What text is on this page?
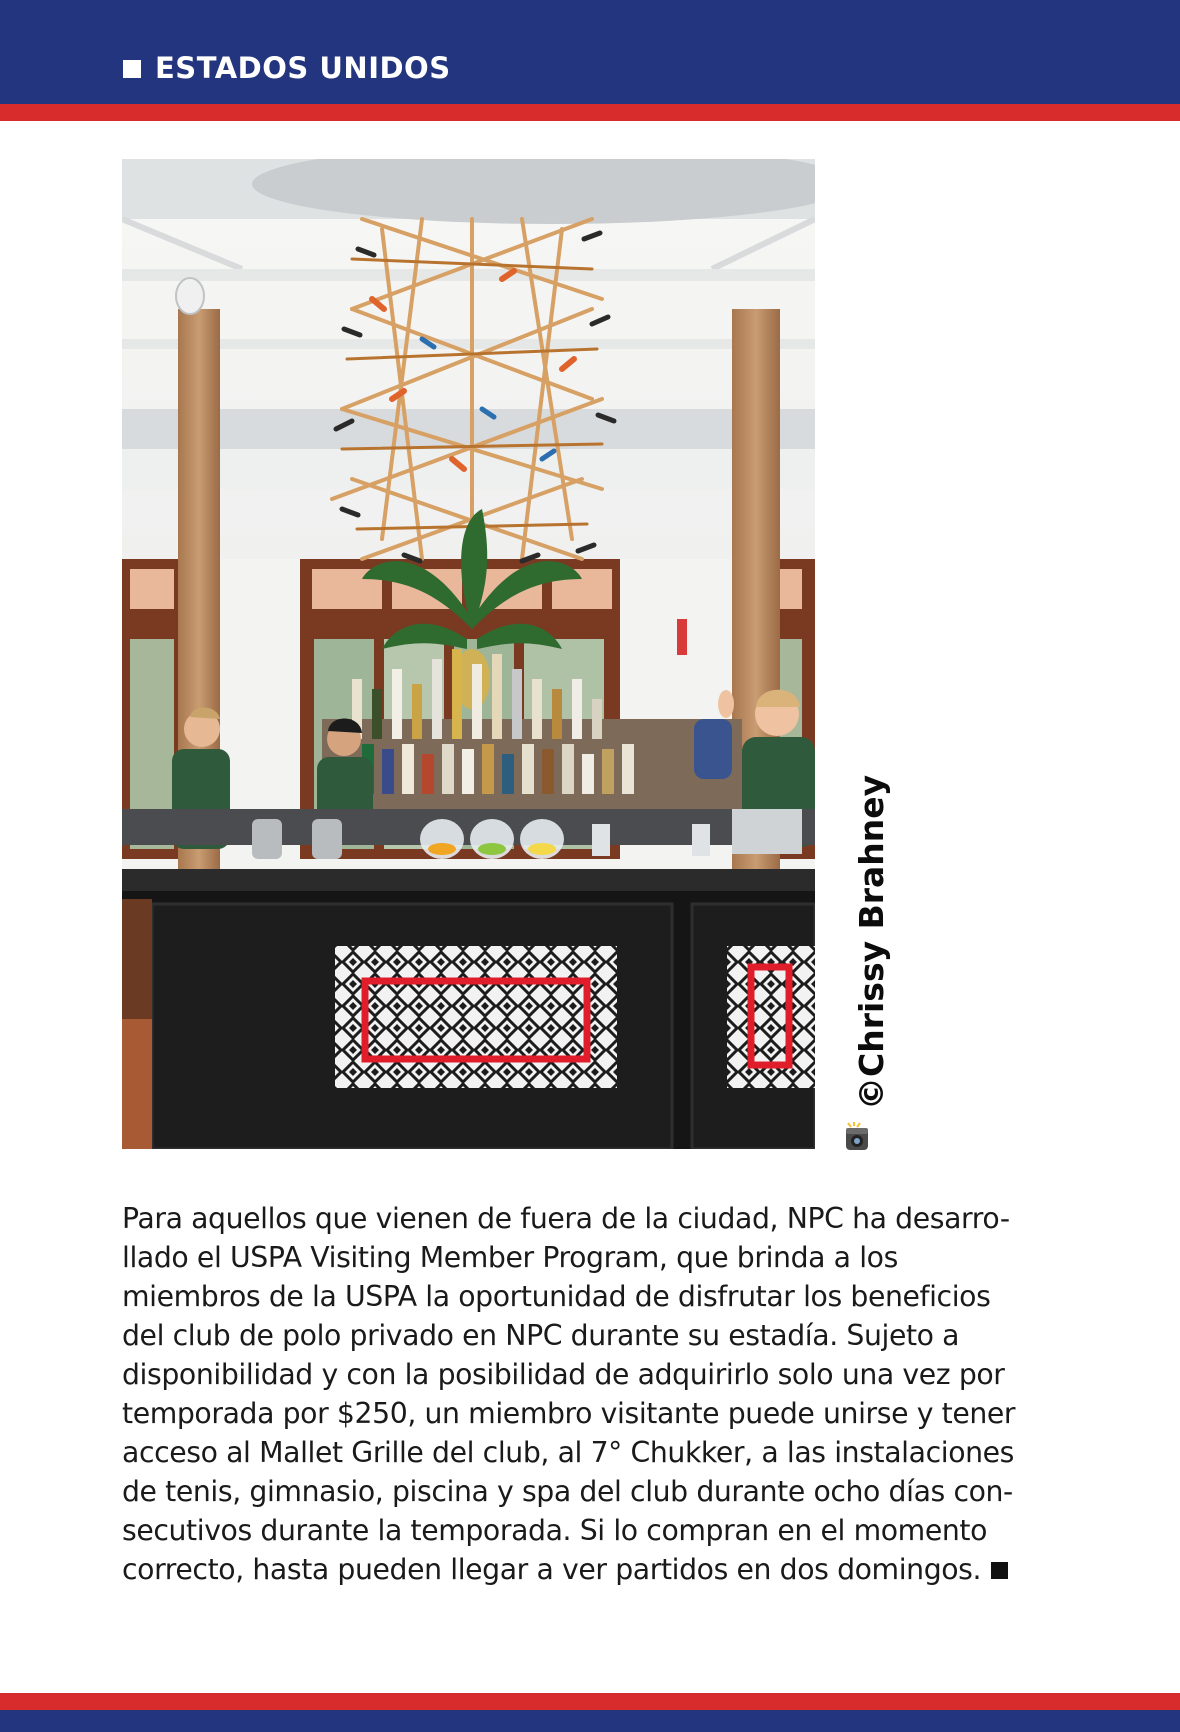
ESTADOS UNIDOS
©Chrissy Brahney
Para aquellos que vienen de fuera de la ciudad, NPC ha desarro-
llado el USPA Visiting Member Program, que brinda a los
miembros de la USPA la oportunidad de disfrutar los beneficios
del club de polo privado en NPC durante su estadía. Sujeto a
disponibilidad y con la posibilidad de adquirirlo solo una vez por
temporada por $250, un miembro visitante puede unirse y tener
acceso al Mallet Grille del club, al 7° Chukker, a las instalaciones
de tenis, gimnasio, piscina y spa del club durante ocho días con-
secutivos durante la temporada. Si lo compran en el momento
correcto, hasta pueden llegar a ver partidos en dos domingos.
